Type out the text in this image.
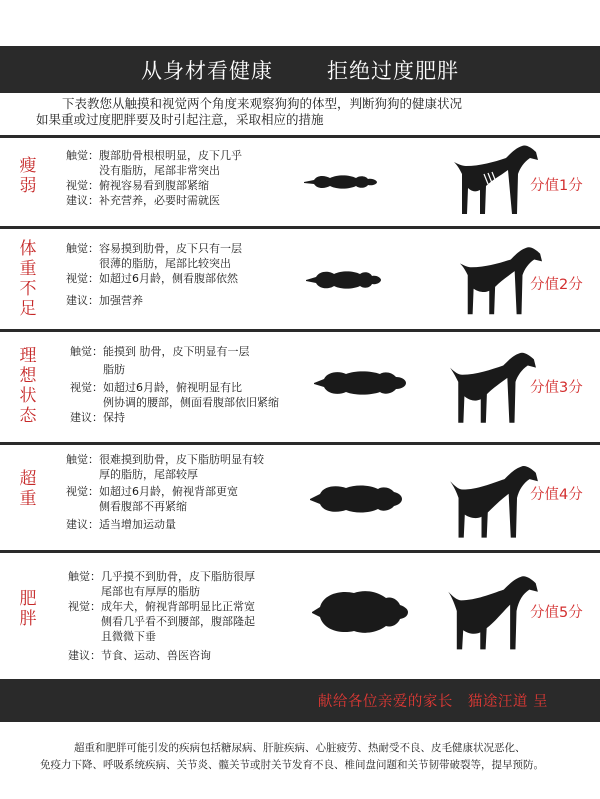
从身材看健康	拒绝过度肥胖
下表教您从触摸和视觉两个角度来观察狗狗的体型，判断狗狗的健康状况
如果重或过度肥胖要及时引起注意，采取相应的措施
瘦弱
触觉：腹部肋骨根根明显，皮下几乎
　　　没有脂肪，尾部非常突出
视觉：俯视容易看到腹部紧缩
建议：补充营养，必要时需就医
分值1分
体重不足
触觉：容易摸到肋骨，皮下只有一层
　　　很薄的脂肪，尾部比较突出
视觉：如超过6月龄，侧看腹部依然
建议：加强营养
分值2分
理想状态
触觉：能摸到 肋骨，皮下明显有一层
　　　脂肪
视觉：如超过6月龄，俯视明显有比
　　　例协调的腰部，侧面看腹部依旧紧缩
建议：保持
分值3分
超重
触觉：很难摸到肋骨，皮下脂肪明显有较
　　　厚的脂肪，尾部较厚
视觉：如超过6月龄，俯视背部更宽
　　　侧看腹部不再紧缩
建议：适当增加运动量
分值4分
肥胖
触觉：几乎摸不到肋骨，皮下脂肪很厚
　　　尾部也有厚厚的脂肪
视觉：成年犬，俯视背部明显比正常宽
　　　侧看几乎看不到腰部，腹部隆起
　　　且微微下垂
建议：节食、运动、兽医咨询
分值5分
献给各位亲爱的家长　猫途汪道 呈
超重和肥胖可能引发的疾病包括糖尿病、肝脏疾病、心脏疲劳、热耐受不良、皮毛健康状况恶化、
免疫力下降、呼吸系统疾病、关节炎、髋关节或肘关节发育不良、椎间盘问题和关节韧带破裂等，提早预防。
